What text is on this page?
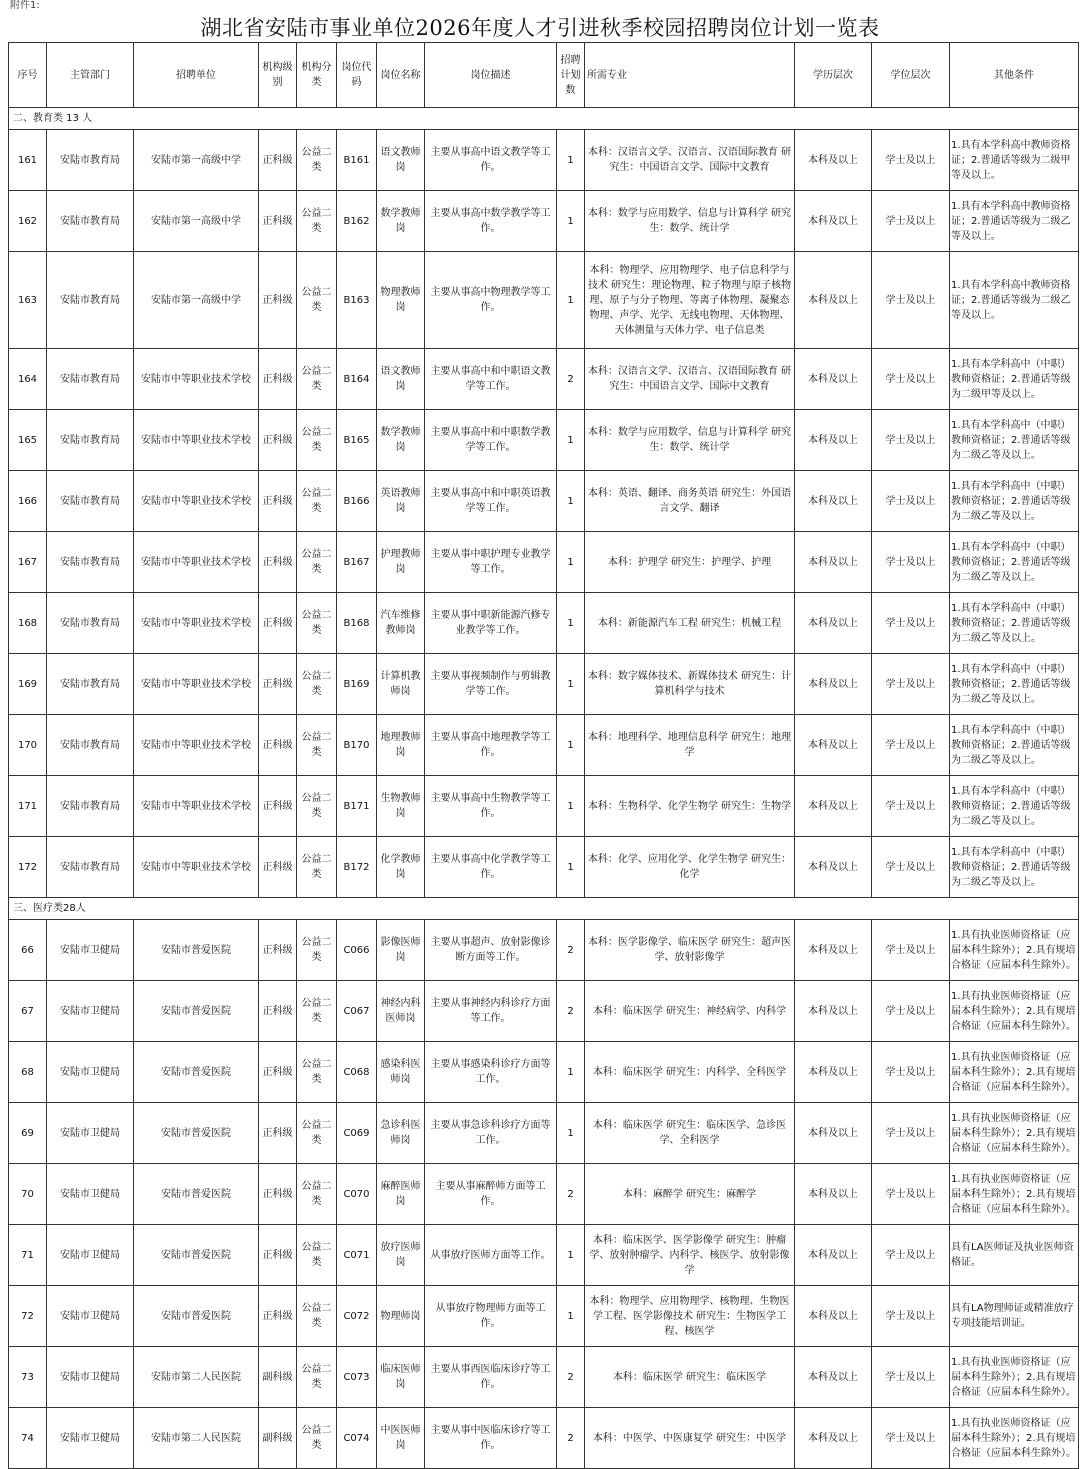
附件1:
湖北省安陆市事业单位2026年度人才引进秋季校园招聘岗位计划一览表
序号	主管部门	招聘单位	机构级别	机构分类	岗位代码	岗位名称	岗位描述	招聘计划数	所需专业	学历层次	学位层次	其他条件
二、教育类 13 人												
161	安陆市教育局	安陆市第一高级中学	正科级	公益二类	B161	语文教师岗	主要从事高中语文教学等工作。	1	本科：汉语言文学、汉语言、汉语国际教育 研究生：中国语言文学、国际中文教育	本科及以上	学士及以上	1.具有本学科高中教师资格证；2.普通话等级为二级甲等及以上。
162	安陆市教育局	安陆市第一高级中学	正科级	公益二类	B162	数学教师岗	主要从事高中数学教学等工作。	1	本科：数学与应用数学、信息与计算科学 研究生：数学、统计学	本科及以上	学士及以上	1.具有本学科高中教师资格证；2.普通话等级为二级乙等及以上。
163	安陆市教育局	安陆市第一高级中学	正科级	公益二类	B163	物理教师岗	主要从事高中物理教学等工作。	1	本科：物理学、应用物理学、电子信息科学与技术 研究生：理论物理、粒子物理与原子核物理、原子与分子物理、等离子体物理、凝聚态物理、声学、光学、无线电物理、天体物理、天体测量与天体力学、电子信息类	本科及以上	学士及以上	1.具有本学科高中教师资格证；2.普通话等级为二级乙等及以上。
164	安陆市教育局	安陆市中等职业技术学校	正科级	公益二类	B164	语文教师岗	主要从事高中和中职语文教学等工作。	2	本科：汉语言文学、汉语言、汉语国际教育 研究生：中国语言文学、国际中文教育	本科及以上	学士及以上	1.具有本学科高中（中职）教师资格证；2.普通话等级为二级甲等及以上。
165	安陆市教育局	安陆市中等职业技术学校	正科级	公益二类	B165	数学教师岗	主要从事高中和中职数学教学等工作。	1	本科：数学与应用数学、信息与计算科学 研究生：数学、统计学	本科及以上	学士及以上	1.具有本学科高中（中职）教师资格证；2.普通话等级为二级乙等及以上。
166	安陆市教育局	安陆市中等职业技术学校	正科级	公益二类	B166	英语教师岗	主要从事高中和中职英语教学等工作。	1	本科：英语、翻译、商务英语 研究生：外国语言文学、翻译	本科及以上	学士及以上	1.具有本学科高中（中职）教师资格证；2.普通话等级为二级乙等及以上。
167	安陆市教育局	安陆市中等职业技术学校	正科级	公益二类	B167	护理教师岗	主要从事中职护理专业教学等工作。	1	本科：护理学 研究生：护理学、护理	本科及以上	学士及以上	1.具有本学科高中（中职）教师资格证；2.普通话等级为二级乙等及以上。
168	安陆市教育局	安陆市中等职业技术学校	正科级	公益二类	B168	汽车维修教师岗	主要从事中职新能源汽修专业教学等工作。	1	本科：新能源汽车工程 研究生：机械工程	本科及以上	学士及以上	1.具有本学科高中（中职）教师资格证；2.普通话等级为二级乙等及以上。
169	安陆市教育局	安陆市中等职业技术学校	正科级	公益二类	B169	计算机教师岗	主要从事视频制作与剪辑教学等工作。	1	本科：数字媒体技术、新媒体技术 研究生：计算机科学与技术	本科及以上	学士及以上	1.具有本学科高中（中职）教师资格证；2.普通话等级为二级乙等及以上。
170	安陆市教育局	安陆市中等职业技术学校	正科级	公益二类	B170	地理教师岗	主要从事高中地理教学等工作。	1	本科：地理科学、地理信息科学 研究生：地理学	本科及以上	学士及以上	1.具有本学科高中（中职）教师资格证；2.普通话等级为二级乙等及以上。
171	安陆市教育局	安陆市中等职业技术学校	正科级	公益二类	B171	生物教师岗	主要从事高中生物教学等工作。	1	本科：生物科学、化学生物学 研究生：生物学	本科及以上	学士及以上	1.具有本学科高中（中职）教师资格证；2.普通话等级为二级乙等及以上。
172	安陆市教育局	安陆市中等职业技术学校	正科级	公益二类	B172	化学教师岗	主要从事高中化学教学等工作。	1	本科：化学、应用化学、化学生物学 研究生：化学	本科及以上	学士及以上	1.具有本学科高中（中职）教师资格证；2.普通话等级为二级乙等及以上。
三、医疗类28人												
66	安陆市卫健局	安陆市普爱医院	正科级	公益二类	C066	影像医师岗	主要从事超声、放射影像诊断方面等工作。	2	本科：医学影像学、临床医学 研究生：超声医学、放射影像学	本科及以上	学士及以上	1.具有执业医师资格证（应届本科生除外）；2.具有规培合格证（应届本科生除外）。
67	安陆市卫健局	安陆市普爱医院	正科级	公益二类	C067	神经内科医师岗	主要从事神经内科诊疗方面等工作。	2	本科：临床医学 研究生：神经病学、内科学	本科及以上	学士及以上	1.具有执业医师资格证（应届本科生除外）；2.具有规培合格证（应届本科生除外）。
68	安陆市卫健局	安陆市普爱医院	正科级	公益二类	C068	感染科医师岗	主要从事感染科诊疗方面等工作。	1	本科：临床医学 研究生：内科学、全科医学	本科及以上	学士及以上	1.具有执业医师资格证（应届本科生除外）；2.具有规培合格证（应届本科生除外）。
69	安陆市卫健局	安陆市普爱医院	正科级	公益二类	C069	急诊科医师岗	主要从事急诊科诊疗方面等工作。	1	本科：临床医学 研究生：临床医学、急诊医学、全科医学	本科及以上	学士及以上	1.具有执业医师资格证（应届本科生除外）；2.具有规培合格证（应届本科生除外）。
70	安陆市卫健局	安陆市普爱医院	正科级	公益二类	C070	麻醉医师岗	主要从事麻醉师方面等工作。	2	本科：麻醉学 研究生：麻醉学	本科及以上	学士及以上	1.具有执业医师资格证（应届本科生除外）；2.具有规培合格证（应届本科生除外）。
71	安陆市卫健局	安陆市普爱医院	正科级	公益二类	C071	放疗医师岗	从事放疗医师方面等工作。	1	本科：临床医学、医学影像学 研究生：肿瘤学、放射肿瘤学、内科学、核医学、放射影像学	本科及以上	学士及以上	具有LA医师证及执业医师资格证。
72	安陆市卫健局	安陆市普爱医院	正科级	公益二类	C072	物理师岗	从事放疗物理师方面等工作。	1	本科：物理学、应用物理学、核物理、生物医学工程、医学影像技术 研究生：生物医学工程、核医学	本科及以上	学士及以上	具有LA物理师证或精准放疗专项技能培训证。
73	安陆市卫健局	安陆市第二人民医院	副科级	公益二类	C073	临床医师岗	主要从事西医临床诊疗等工作。	2	本科：临床医学 研究生：临床医学	本科及以上	学士及以上	1.具有执业医师资格证（应届本科生除外）；2.具有规培合格证（应届本科生除外）。
74	安陆市卫健局	安陆市第二人民医院	副科级	公益二类	C074	中医医师岗	主要从事中医临床诊疗等工作。	2	本科：中医学、中医康复学 研究生：中医学	本科及以上	学士及以上	1.具有执业医师资格证（应届本科生除外）；2.具有规培合格证（应届本科生除外）。
